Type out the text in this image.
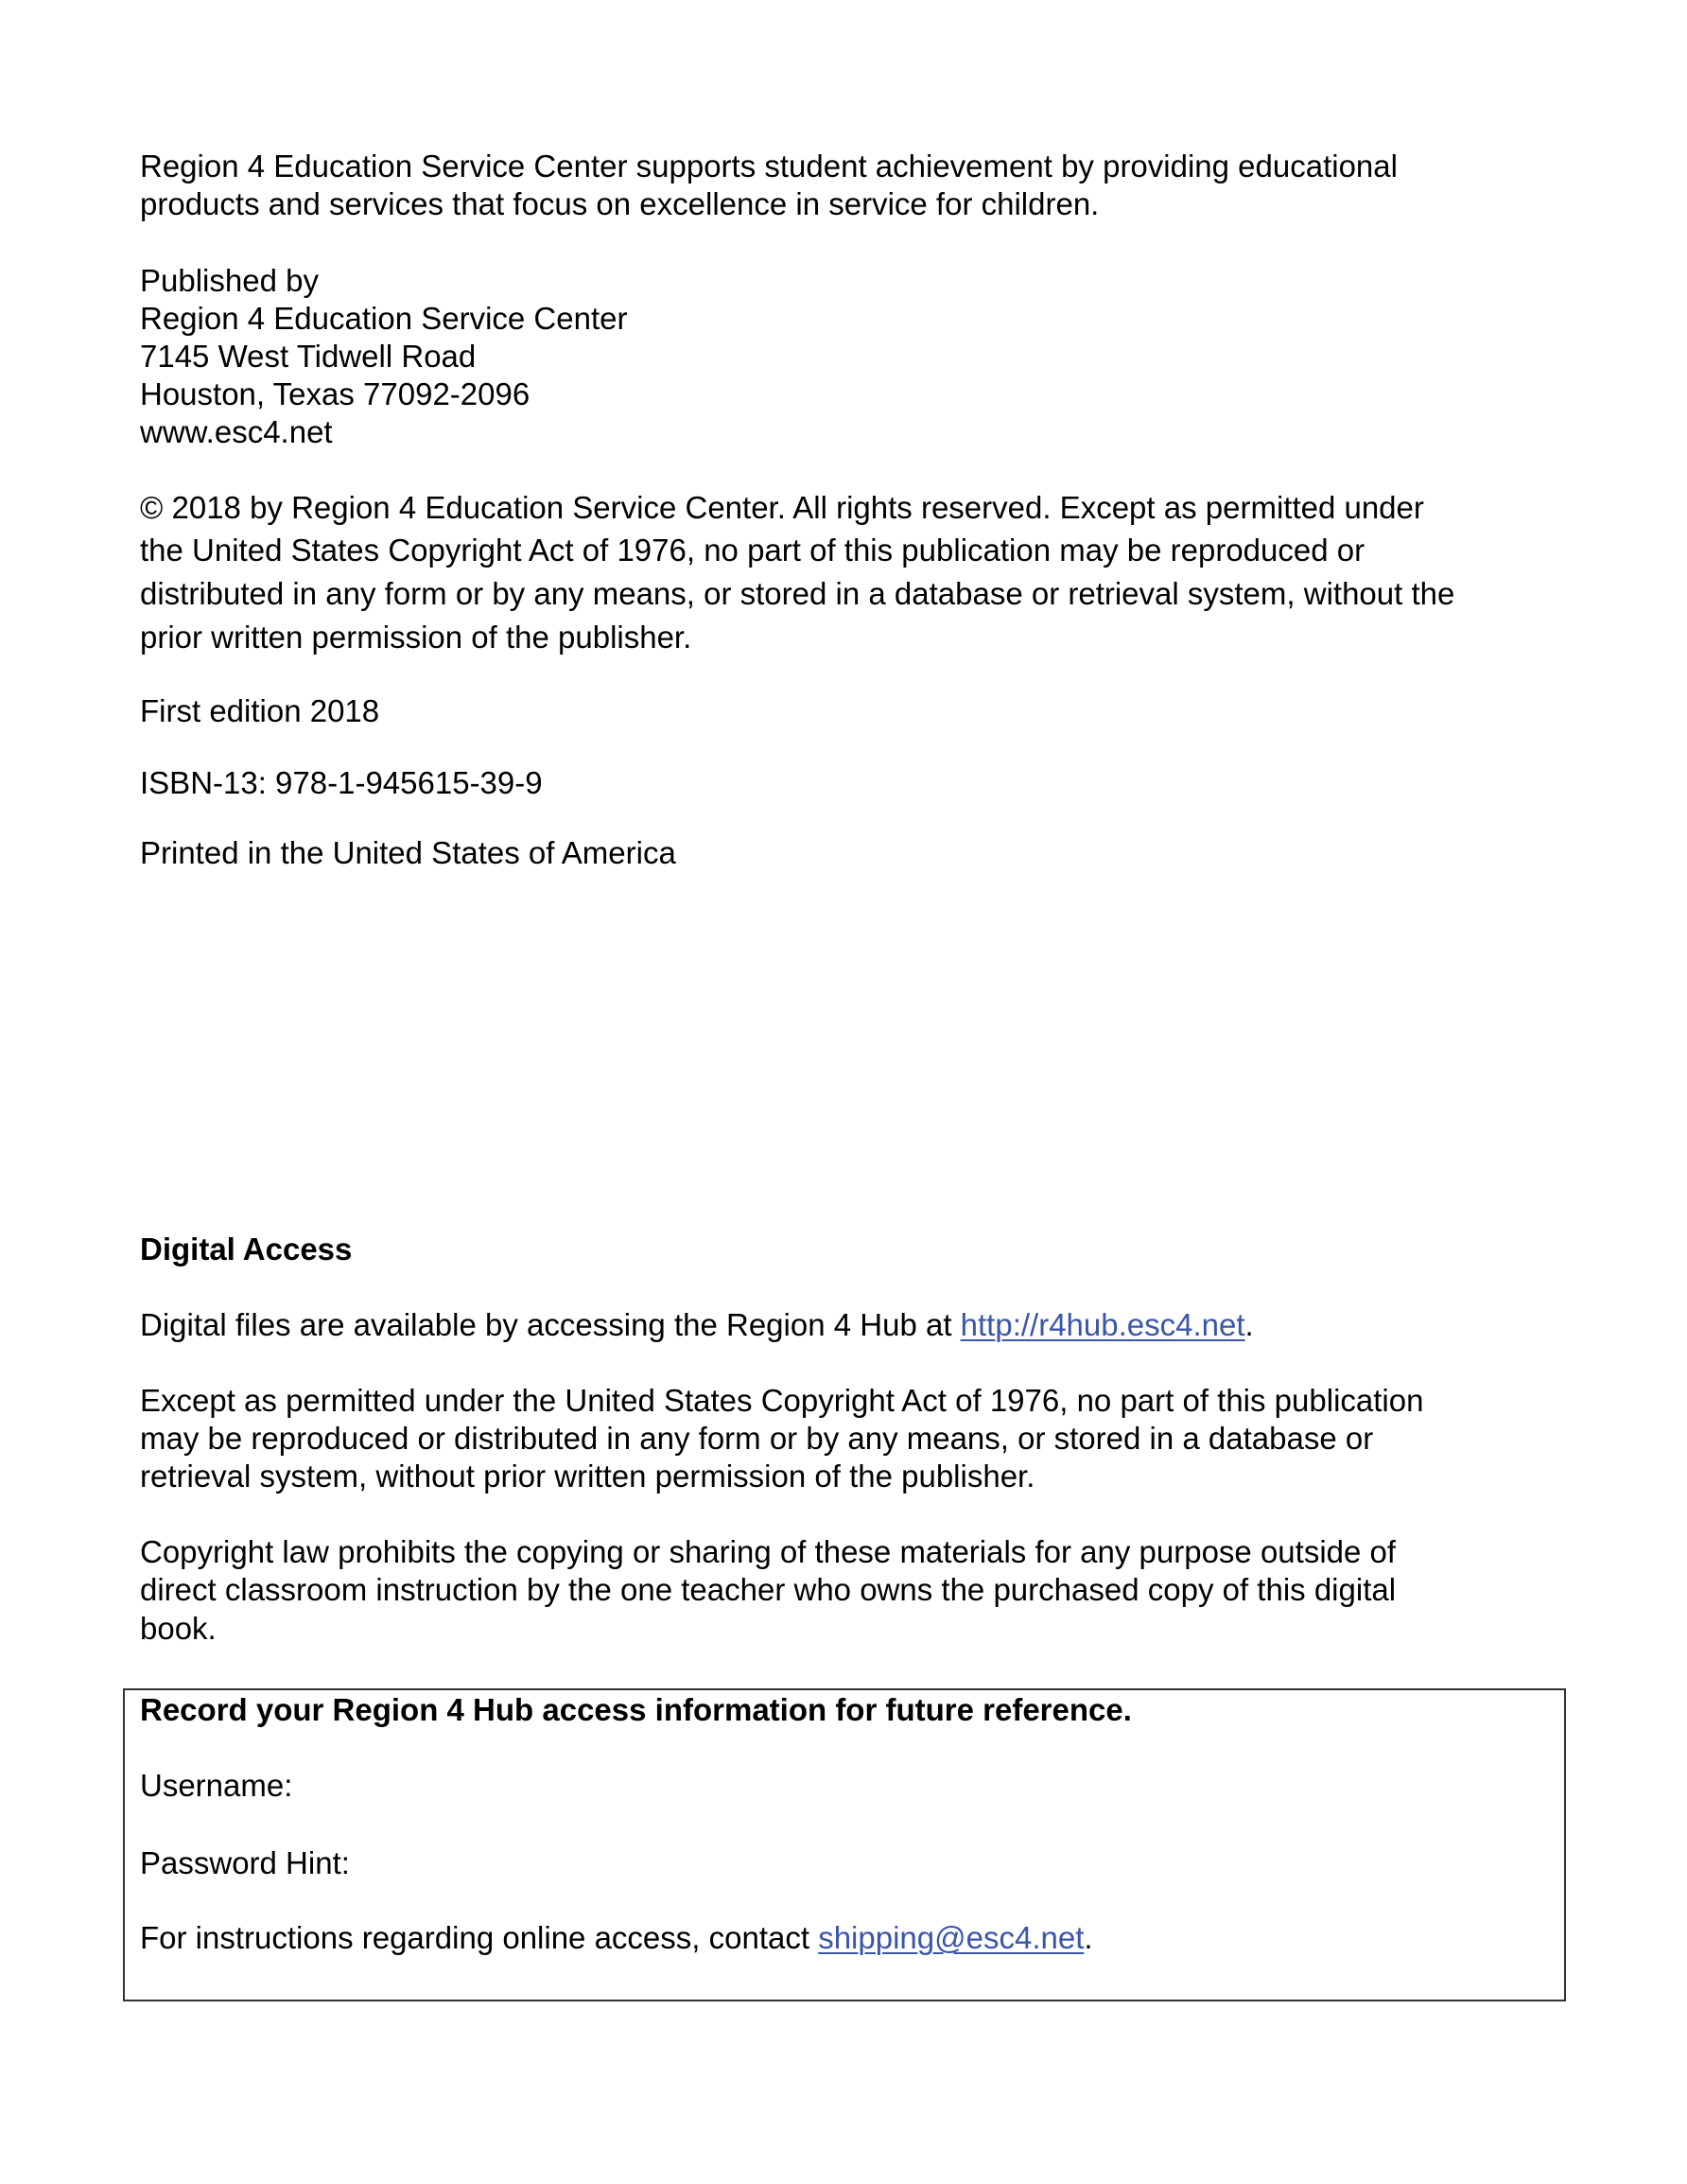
Region 4 Education Service Center supports student achievement by providing educational

products and services that focus on excellence in service for children.

Published by

Region 4 Education Service Center

7145 West Tidwell Road

Houston, Texas 77092-2096

www.esc4.net

© 2018 by Region 4 Education Service Center. All rights reserved. Except as permitted under

the United States Copyright Act of 1976, no part of this publication may be reproduced or

distributed in any form or by any means, or stored in a database or retrieval system, without the

prior written permission of the publisher.

First edition 2018

ISBN-13: 978-1-945615-39-9

Printed in the United States of America

Digital Access

Digital files are available by accessing the Region 4 Hub at http://r4hub.esc4.net.

Except as permitted under the United States Copyright Act of 1976, no part of this publication

may be reproduced or distributed in any form or by any means, or stored in a database or

retrieval system, without prior written permission of the publisher.

Copyright law prohibits the copying or sharing of these materials for any purpose outside of

direct classroom instruction by the one teacher who owns the purchased copy of this digital

book.

Record your Region 4 Hub access information for future reference.

Username:

Password Hint:

For instructions regarding online access, contact shipping@esc4.net.
